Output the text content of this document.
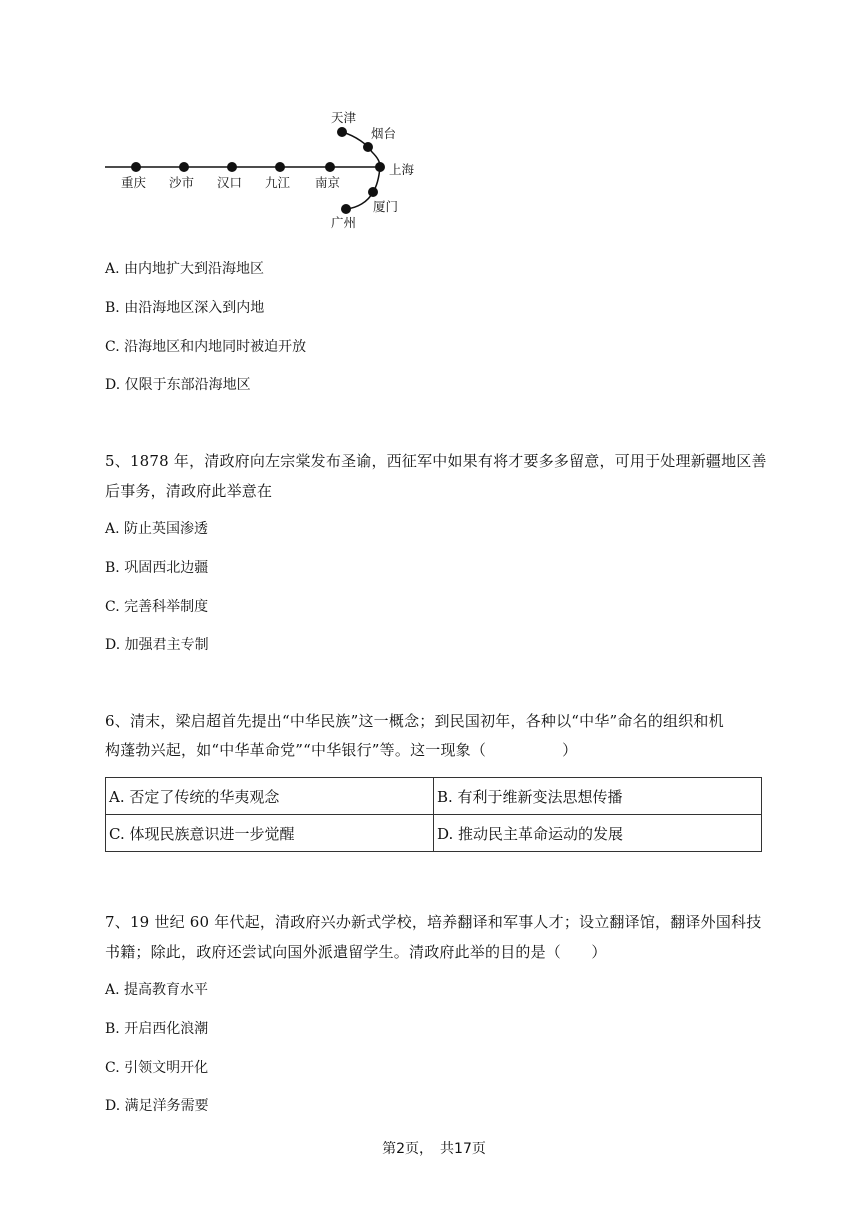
重庆 沙市 汉口 九江 南京
上海
天津
烟台
厦门
广州
A. 由内地扩大到沿海地区
B. 由沿海地区深入到内地
C. 沿海地区和内地同时被迫开放
D. 仅限于东部沿海地区
5、1878 年，清政府向左宗棠发布圣谕，西征军中如果有将才要多多留意，可用于处理新疆地区善
后事务，清政府此举意在
A. 防止英国渗透
B. 巩固西北边疆
C. 完善科举制度
D. 加强君主专制
6、清末，梁启超首先提出“中华民族”这一概念；到民国初年，各种以“中华”命名的组织和机
构蓬勃兴起，如“中华革命党”“中华银行”等。这一现象（　　　　　）
A. 否定了传统的华夷观念	B. 有利于维新变法思想传播
C. 体现民族意识进一步觉醒	D. 推动民主革命运动的发展
7、19 世纪 60 年代起，清政府兴办新式学校，培养翻译和军事人才；设立翻译馆，翻译外国科技
书籍；除此，政府还尝试向国外派遣留学生。清政府此举的目的是（　　）
A. 提高教育水平
B. 开启西化浪潮
C. 引领文明开化
D. 满足洋务需要
第2页，　共17页
